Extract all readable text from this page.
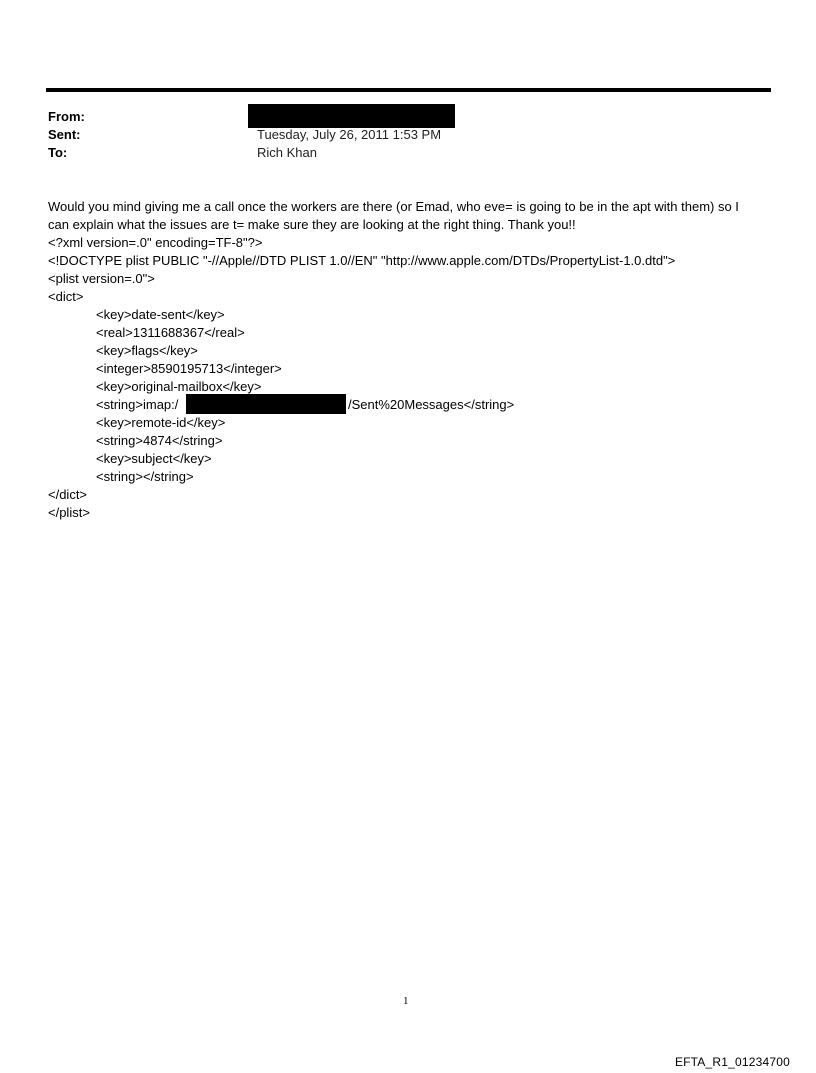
From:
Sent:	Tuesday, July 26, 2011 1:53 PM
To:	Rich Khan
Would you mind giving me a call once the workers are there (or Emad, who eve= is going to be in the apt with them) so I
can explain what the issues are t= make sure they are looking at the right thing. Thank you!!
<?xml version=.0" encoding=TF-8"?>
<!DOCTYPE plist PUBLIC "-//Apple//DTD PLIST 1.0//EN" "http://www.apple.com/DTDs/PropertyList-1.0.dtd">
<plist version=.0">
<dict>
<key>date-sent</key>
<real>1311688367</real>
<key>flags</key>
<integer>8590195713</integer>
<key>original-mailbox</key>
<string>imap:/	/Sent%20Messages</string>
<key>remote-id</key>
<string>4874</string>
<key>subject</key>
<string></string>
</dict>
</plist>
1
EFTA_R1_01234700
